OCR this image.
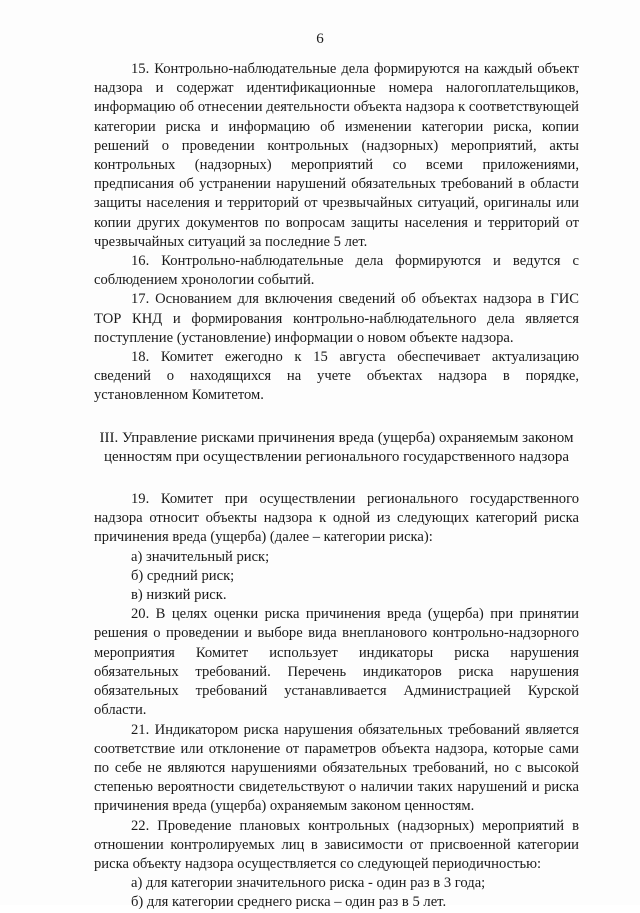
6

15. Контрольно-наблюдательные дела формируются на каждый объект надзора и содержат идентификационные номера налогоплательщиков, информацию об отнесении деятельности объекта надзора к соответствующей категории риска и информацию об изменении категории риска, копии решений о проведении контрольных (надзорных) мероприятий, акты контрольных (надзорных) мероприятий со всеми приложениями, предписания об устранении нарушений обязательных требований в области защиты населения и территорий от чрезвычайных ситуаций, оригиналы или копии других документов по вопросам защиты населения и территорий от чрезвычайных ситуаций за последние 5 лет.

16. Контрольно-наблюдательные дела формируются и ведутся с соблюдением хронологии событий.

17. Основанием для включения сведений об объектах надзора в ГИС ТОР КНД и формирования контрольно-наблюдательного дела является поступление (установление) информации о новом объекте надзора.

18. Комитет ежегодно к 15 августа обеспечивает актуализацию сведений о находящихся на учете объектах надзора в порядке, установленном Комитетом.

III. Управление рисками причинения вреда (ущерба) охраняемым законом ценностям при осуществлении регионального государственного надзора

19. Комитет при осуществлении регионального государственного надзора относит объекты надзора к одной из следующих категорий риска причинения вреда (ущерба) (далее – категории риска):

а) значительный риск;

б) средний риск;

в) низкий риск.

20. В целях оценки риска причинения вреда (ущерба) при принятии решения о проведении и выборе вида внепланового контрольно-надзорного мероприятия Комитет использует индикаторы риска нарушения обязательных требований. Перечень индикаторов риска нарушения обязательных требований устанавливается Администрацией Курской области.

21. Индикатором риска нарушения обязательных требований является соответствие или отклонение от параметров объекта надзора, которые сами по себе не являются нарушениями обязательных требований, но с высокой степенью вероятности свидетельствуют о наличии таких нарушений и риска причинения вреда (ущерба) охраняемым законом ценностям.

22. Проведение плановых контрольных (надзорных) мероприятий в отношении контролируемых лиц в зависимости от присвоенной категории риска объекту надзора осуществляется со следующей периодичностью:

а) для категории значительного риска - один раз в 3 года;

б) для категории среднего риска – один раз в 5 лет.
